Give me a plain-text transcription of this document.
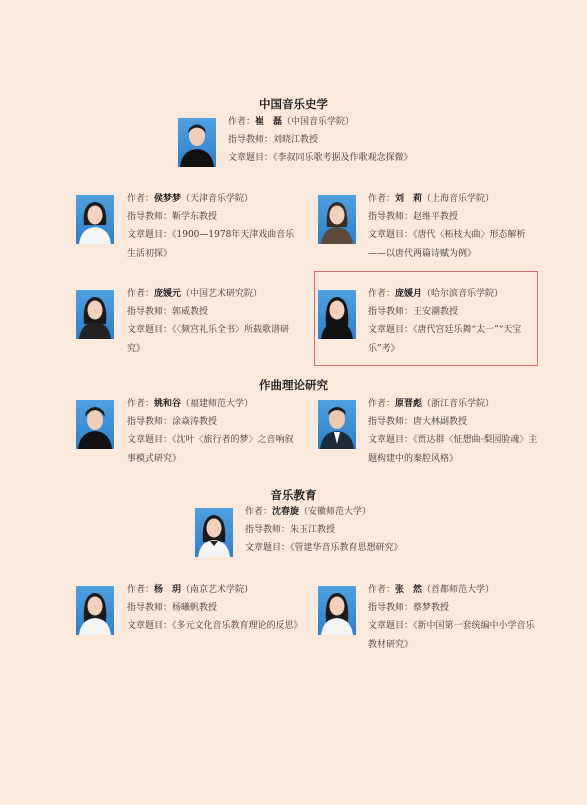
中国音乐史学
作曲理论研究
音乐教育
作者：崔　磊（中国音乐学院）
指导教师：刘晓江教授
文章题目：《李叔同乐歌考据及作歌观念探微》
作者：侯梦梦（天津音乐学院）
指导教师：靳学东教授
文章题目：《1900—1978年天津戏曲音乐生活初探》
作者：刘　莉（上海音乐学院）
指导教师：赵维平教授
文章题目：《唐代〈柘枝大曲〉形态解析——以唐代两篇诗赋为例》
作者：庞媛元（中国艺术研究院）
指导教师：郭威教授
文章题目：《〈频宫礼乐全书〉所载歌谱研究》
作者：庞媛月（哈尔滨音乐学院）
指导教师：王安潮教授
文章题目：《唐代宫廷乐舞“太一”“天宝乐”考》
作者：姚和谷（福建师范大学）
指导教师：涂焱涛教授
文章题目：《沈叶〈旅行者的梦〉之音响叙事模式研究》
作者：原晋彪（浙江音乐学院）
指导教师：唐大林副教授
文章题目：《贾达群〈怔想曲·梨园脸魂〉主题构建中的秦腔风格》
作者：沈春旋（安徽师范大学）
指导教师：朱玉江教授
文章题目：《管建华音乐教育思想研究》
作者：杨　玥（南京艺术学院）
指导教师：杨曦帆教授
文章题目：《多元文化音乐教育理论的反思》
作者：张　然（首都师范大学）
指导教师：蔡梦教授
文章题目：《新中国第一套统编中小学音乐教材研究》
